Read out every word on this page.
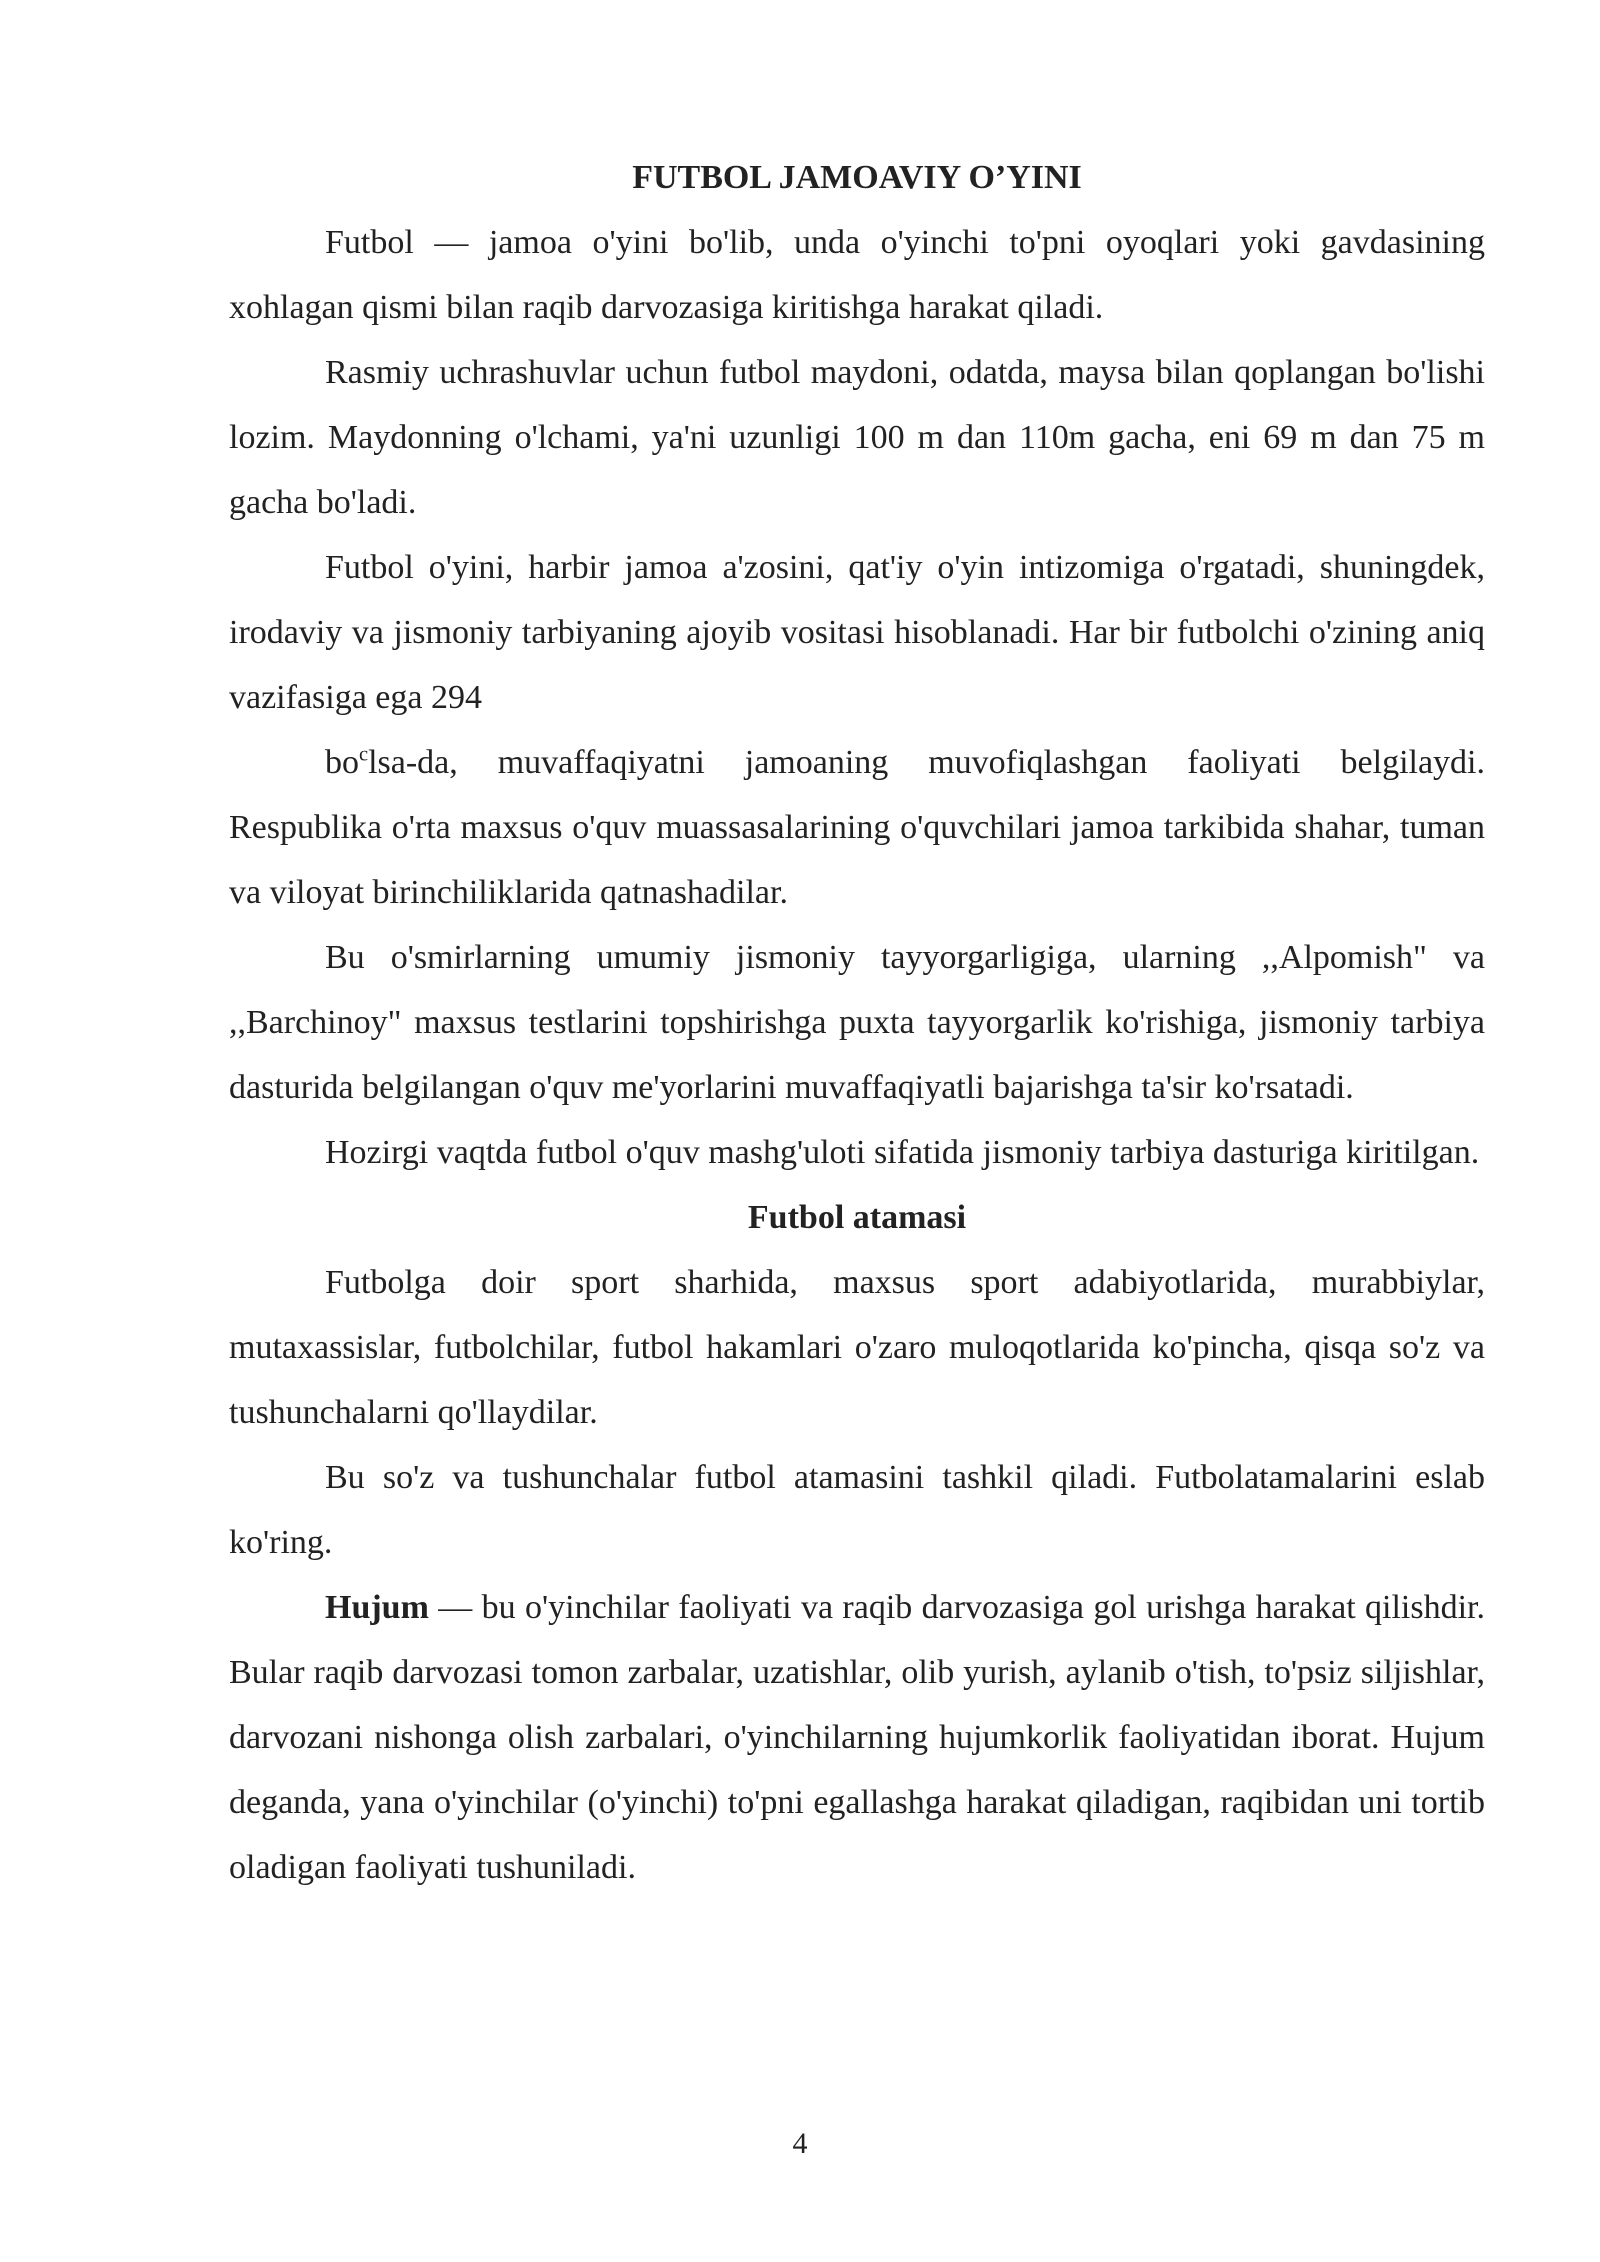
FUTBOL JAMOAVIY O’YINI

Futbol — jamoa o'yini bo'lib, unda o'yinchi to'pni oyoqlari yoki gavdasining xohlagan qismi bilan raqib darvozasiga kiritishga harakat qiladi.

Rasmiy uchrashuvlar uchun futbol maydoni, odatda, maysa bilan qoplangan bo'lishi lozim. Maydonning o'lchami, ya'ni uzunligi 100 m dan 110m gacha, eni 69 m dan 75 m gacha bo'ladi.

Futbol o'yini, harbir jamoa a'zosini, qat'iy o'yin intizomiga o'rgatadi, shuningdek, irodaviy va jismoniy tarbiyaning ajoyib vositasi hisoblanadi. Har bir futbolchi o'zining aniq vazifasiga ega 294

$bo^clsa-da$, muvaffaqiyatni jamoaning muvofiqlashgan faoliyati belgilaydi. Respublika o'rta maxsus o'quv muassasalarining o'quvchilari jamoa tarkibida shahar, tuman va viloyat birinchiliklarida qatnashadilar.

Bu o'smirlarning umumiy jismoniy tayyorgarligiga, ularning ,,Alpomish" va ,,Barchinoy" maxsus testlarini topshirishga puxta tayyorgarlik ko'rishiga, jismoniy tarbiya dasturida belgilangan o'quv me'yorlarini muvaffaqiyatli bajarishga ta'sir ko'rsatadi.

Hozirgi vaqtda futbol o'quv mashg'uloti sifatida jismoniy tarbiya dasturiga kiritilgan.

Futbol atamasi

Futbolga doir sport sharhida, maxsus sport adabiyotlarida, murabbiylar, mutaxassislar, futbolchilar, futbol hakamlari o'zaro muloqotlarida ko'pincha, qisqa so'z va tushunchalarni qo'llaydilar.

Bu so'z va tushunchalar futbol atamasini tashkil qiladi. Futbolatamalarini eslab ko'ring.

Hujum — bu o'yinchilar faoliyati va raqib darvozasiga gol urishga harakat qilishdir. Bular raqib darvozasi tomon zarbalar, uzatishlar, olib yurish, aylanib o'tish, to'psiz siljishlar, darvozani nishonga olish zarbalari, o'yinchilarning hujumkorlik faoliyatidan iborat. Hujum deganda, yana o'yinchilar (o'yinchi) to'pni egallashga harakat qiladigan, raqibidan uni tortib oladigan faoliyati tushuniladi.

4
